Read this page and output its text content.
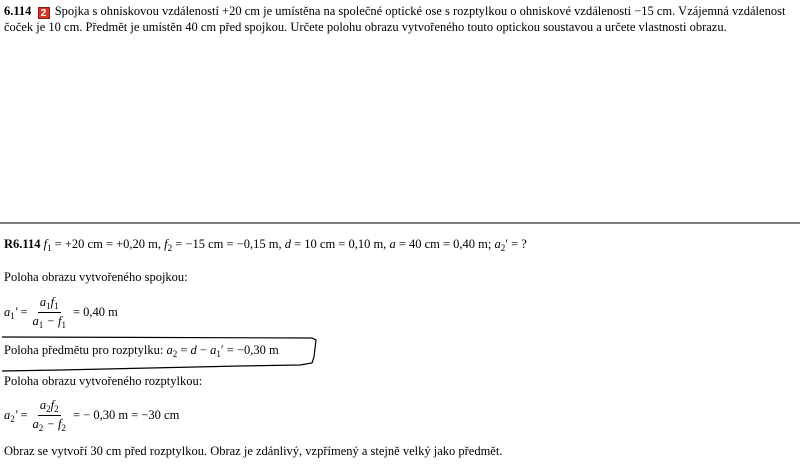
6.114 2 Spojka s ohniskovou vzdáleností +20 cm je umístěna na společné optické ose s rozptylkou o ohniskové vzdálenosti −15 cm. Vzájemná vzdálenost čoček je 10 cm. Předmět je umístěn 40 cm před spojkou. Určete polohu obrazu vytvořeného touto optickou soustavou a určete vlastnosti obrazu.
R6.114 $f_1 = +20$ cm = +0,20 m, $f_2 = -15$ cm = −0,15 m, d = 10 cm = 0,10 m, a = 40 cm = 0,40 m; $a_2'$ = ?
Poloha obrazu vytvořeného spojkou:
$a_1' = \frac{a_1f_1}{a_1 - f_1} = 0,40$ m
Poloha předmětu pro rozptylku: $a_2 = d - a_1' = -0,30$ m
Poloha obrazu vytvořeného rozptylkou:
$a_2' = \frac{a_2f_2}{a_2 - f_2}$ = − 0,30 m = −30 cm
Obraz se vytvoří 30 cm před rozptylkou. Obraz je zdánlivý, vzpřímený a stejně velký jako předmět.
